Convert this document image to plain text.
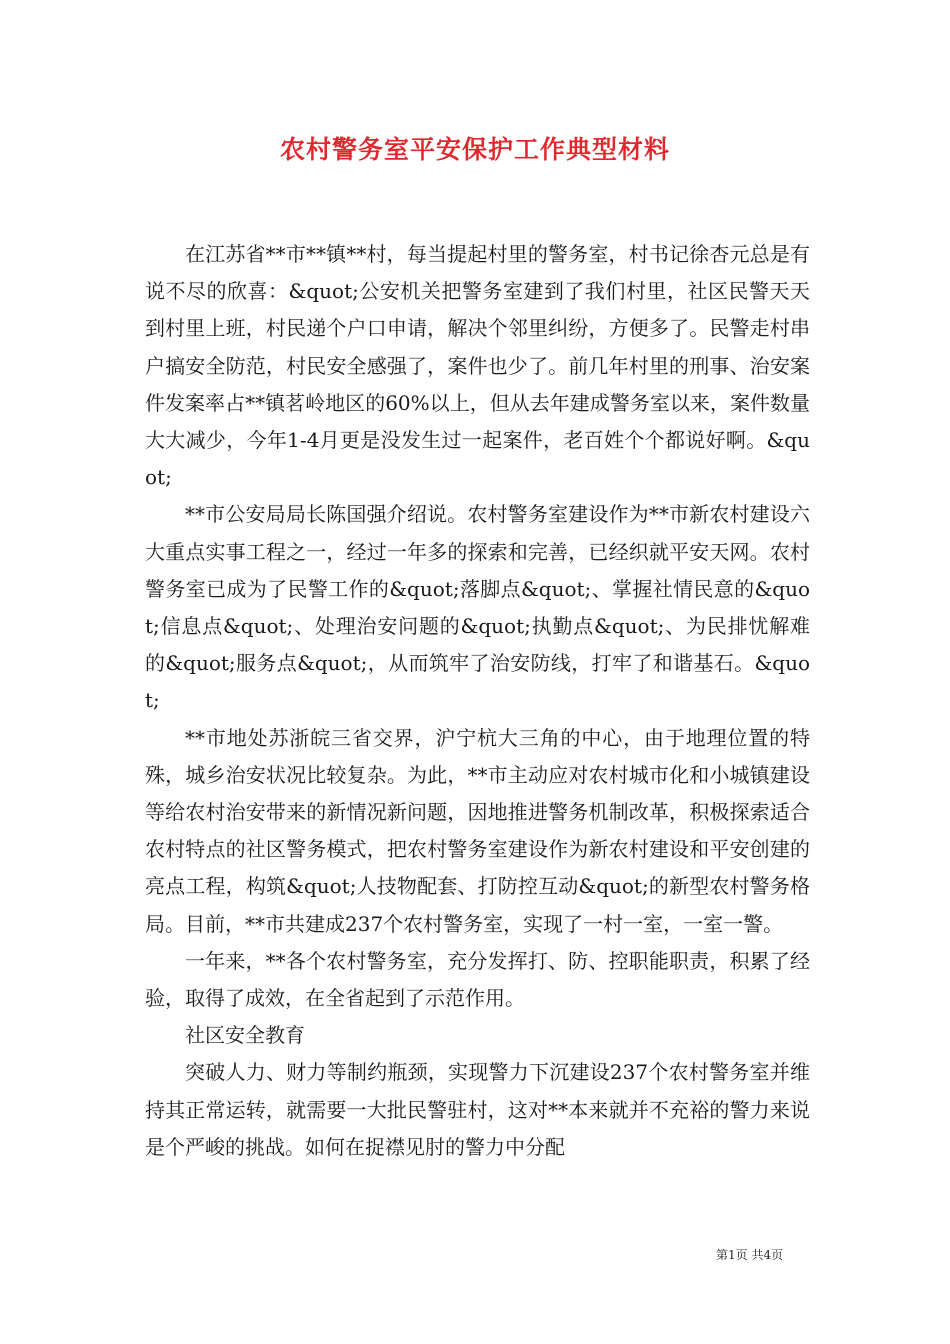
农村警务室平安保护工作典型材料

在江苏省**市**镇**村，每当提起村里的警务室，村书记徐杏元总是有说不尽的欣喜：&quot;公安机关把警务室建到了我们村里，社区民警天天到村里上班，村民递个户口申请，解决个邻里纠纷，方便多了。民警走村串户搞安全防范，村民安全感强了，案件也少了。前几年村里的刑事、治安案件发案率占**镇茗岭地区的60%以上，但从去年建成警务室以来，案件数量大大减少，今年1-4月更是没发生过一起案件，老百姓个个都说好啊。&quot;

**市公安局局长陈国强介绍说。农村警务室建设作为**市新农村建设六大重点实事工程之一，经过一年多的探索和完善，已经织就平安天网。农村警务室已成为了民警工作的&quot;落脚点&quot;、掌握社情民意的&quot;信息点&quot;、处理治安问题的&quot;执勤点&quot;、为民排忧解难的&quot;服务点&quot;，从而筑牢了治安防线，打牢了和谐基石。&quot;

**市地处苏浙皖三省交界，沪宁杭大三角的中心，由于地理位置的特殊，城乡治安状况比较复杂。为此，**市主动应对农村城市化和小城镇建设等给农村治安带来的新情况新问题，因地推进警务机制改革，积极探索适合农村特点的社区警务模式，把农村警务室建设作为新农村建设和平安创建的亮点工程，构筑&quot;人技物配套、打防控互动&quot;的新型农村警务格局。目前，**市共建成237个农村警务室，实现了一村一室，一室一警。

一年来，**各个农村警务室，充分发挥打、防、控职能职责，积累了经验，取得了成效，在全省起到了示范作用。

社区安全教育

突破人力、财力等制约瓶颈，实现警力下沉建设237个农村警务室并维持其正常运转，就需要一大批民警驻村，这对**本来就并不充裕的警力来说是个严峻的挑战。如何在捉襟见肘的警力中分配

第1页 共4页
